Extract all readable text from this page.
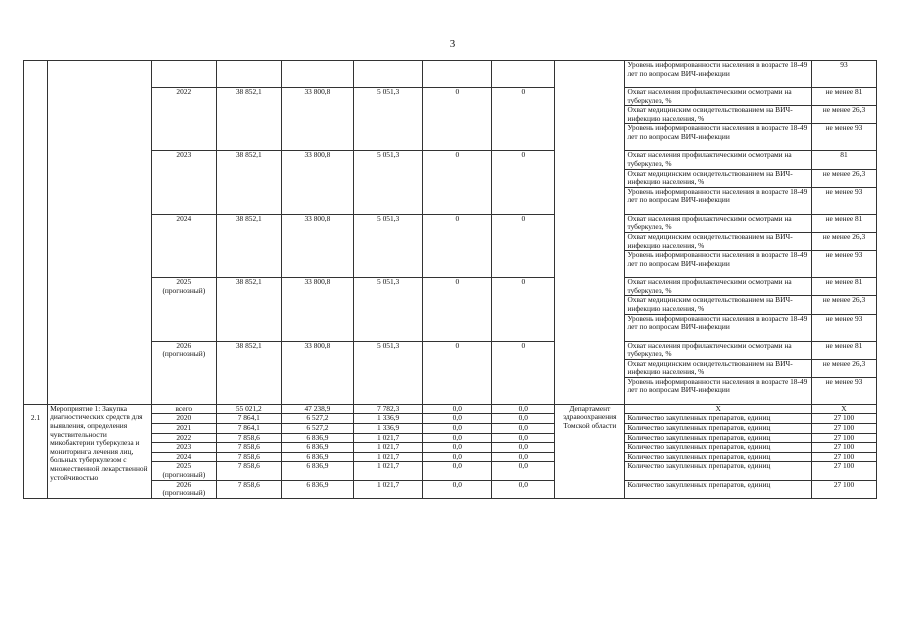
3
									Уровень информированности населения в возрасте 18-49 лет по вопросам ВИЧ-инфекции	93

		2022	38 852,1	33 800,8	5 051,3	0	0		Охват населения профилактическими осмотрами на туберкулез, %	не менее 81
									Охват медицинским освидетельствованием на ВИЧ-инфекцию населения, %	не менее 26,3
									Уровень информированности населения в возрасте 18-49 лет по вопросам ВИЧ-инфекции	не менее 93

		2023	38 852,1	33 800,8	5 051,3	0	0		Охват населения профилактическими осмотрами на туберкулез, %	81
									Охват медицинским освидетельствованием на ВИЧ-инфекцию населения, %	не менее 26,3
									Уровень информированности населения в возрасте 18-49 лет по вопросам ВИЧ-инфекции	не менее 93

		2024	38 852,1	33 800,8	5 051,3	0	0		Охват населения профилактическими осмотрами на туберкулез, %	не менее 81
									Охват медицинским освидетельствованием на ВИЧ-инфекцию населения, %	не менее 26,3
									Уровень информированности населения в возрасте 18-49 лет по вопросам ВИЧ-инфекции	не менее 93

		2025
(прогнозный)	38 852,1	33 800,8	5 051,3	0	0		Охват населения профилактическими осмотрами на туберкулез, %	не менее 81
									Охват медицинским освидетельствованием на ВИЧ-инфекцию населения, %	не менее 26,3
									Уровень информированности населения в возрасте 18-49 лет по вопросам ВИЧ-инфекции	не менее 93

		2026
(прогнозный)	38 852,1	33 800,8	5 051,3	0	0		Охват населения профилактическими осмотрами на туберкулез, %	не менее 81
									Охват медицинским освидетельствованием на ВИЧ-инфекцию населения, %	не менее 26,3
									Уровень информированности населения в возрасте 18-49 лет по вопросам ВИЧ-инфекции	не менее 93
2.1	Мероприятие 1: Закупка диагностических средств для выявления, определения чувствительности микобактерии туберкулеза и мониторинга лечения лиц, больных туберкулезом с множественной лекарственной устойчивостью	всего	55 021,2	47 238,9	7 782,3	0,0	0,0	Департамент здравоохранения Томской области	X	X

		2020	7 864,1	6 527,2	1 336,9	0,0	0,0		Количество закупленных препаратов, единиц	27 100

		2021	7 864,1	6 527,2	1 336,9	0,0	0,0		Количество закупленных препаратов, единиц	27 100

		2022	7 858,6	6 836,9	1 021,7	0,0	0,0		Количество закупленных препаратов, единиц	27 100

		2023	7 858,6	6 836,9	1 021,7	0,0	0,0		Количество закупленных препаратов, единиц	27 100

		2024	7 858,6	6 836,9	1 021,7	0,0	0,0		Количество закупленных препаратов, единиц	27 100

		2025
(прогнозный)	7 858,6	6 836,9	1 021,7	0,0	0,0		Количество закупленных препаратов, единиц	27 100

		2026
(прогнозный)	7 858,6	6 836,9	1 021,7	0,0	0,0		Количество закупленных препаратов, единиц	27 100
